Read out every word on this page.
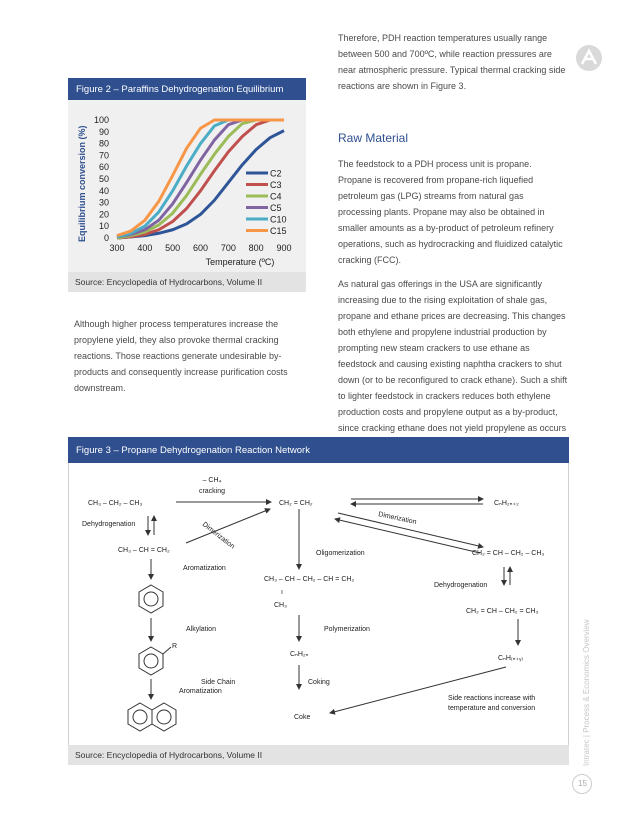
Figure 2 – Paraffins Dehydrogenation Equilibrium
0
10
20
30
40
50
60
70
80
90
100
300 400 500 600 700 800 900
C2
C3
C4
C5
C10
C15
Temperature (ºC)
Equilibrium conversion (%)
Source: Encyclopedia of Hydrocarbons, Volume II
Although higher process temperatures increase the propylene yield, they also provoke thermal cracking reactions. Those reactions generate undesirable by-products and consequently increase purification costs downstream.

Therefore, PDH reaction temperatures usually range between 500 and 700ºC, while reaction pressures are near atmospheric pressure. Typical thermal cracking side reactions are shown in Figure 3.

Raw Material

The feedstock to a PDH process unit is propane. Propane is recovered from propane-rich liquefied petroleum gas (LPG) streams from natural gas processing plants. Propane may also be obtained in smaller amounts as a by-product of petroleum refinery operations, such as hydrocracking and fluidized catalytic cracking (FCC).

As natural gas offerings in the USA are significantly increasing due to the rising exploitation of shale gas, propane and ethane prices are decreasing. This changes both ethylene and propylene industrial production by prompting new steam crackers to use ethane as feedstock and causing existing naphtha crackers to shut down (or to be reconfigured to crack ethane). Such a shift to lighter feedstock in crackers reduces both ethylene production costs and propylene output as a by-product, since cracking ethane does not yield propylene as occurs

Figure 3 – Propane Dehydrogenation Reaction Network
– CH₄
cracking
CH₃ – CH₂ – CH₃	CH₂ = CH₂	CₙH₂ₙ₊₂
Dehydrogenation	Dimerization
Dimerization
CH₃ – CH = CH₂	Oligomerization	CH₂ = CH – CH₂ – CH₃
Aromatization
CH₃ – CH – CH₂ – CH = CH₂
ı
CH₃
Dehydrogenation
CH₂ = CH – CH₂ = CH₃
Alkylation	Polymerization
R
CₙH₂ₙ
CₙH₍ₙ₊ᵧ₎
Side Chain
Aromatization
Coking
Side reactions increase with
temperature and conversion
Coke
Source: Encyclopedia of Hydrocarbons, Volume II	Intratec | Process & Economics Overview
15
